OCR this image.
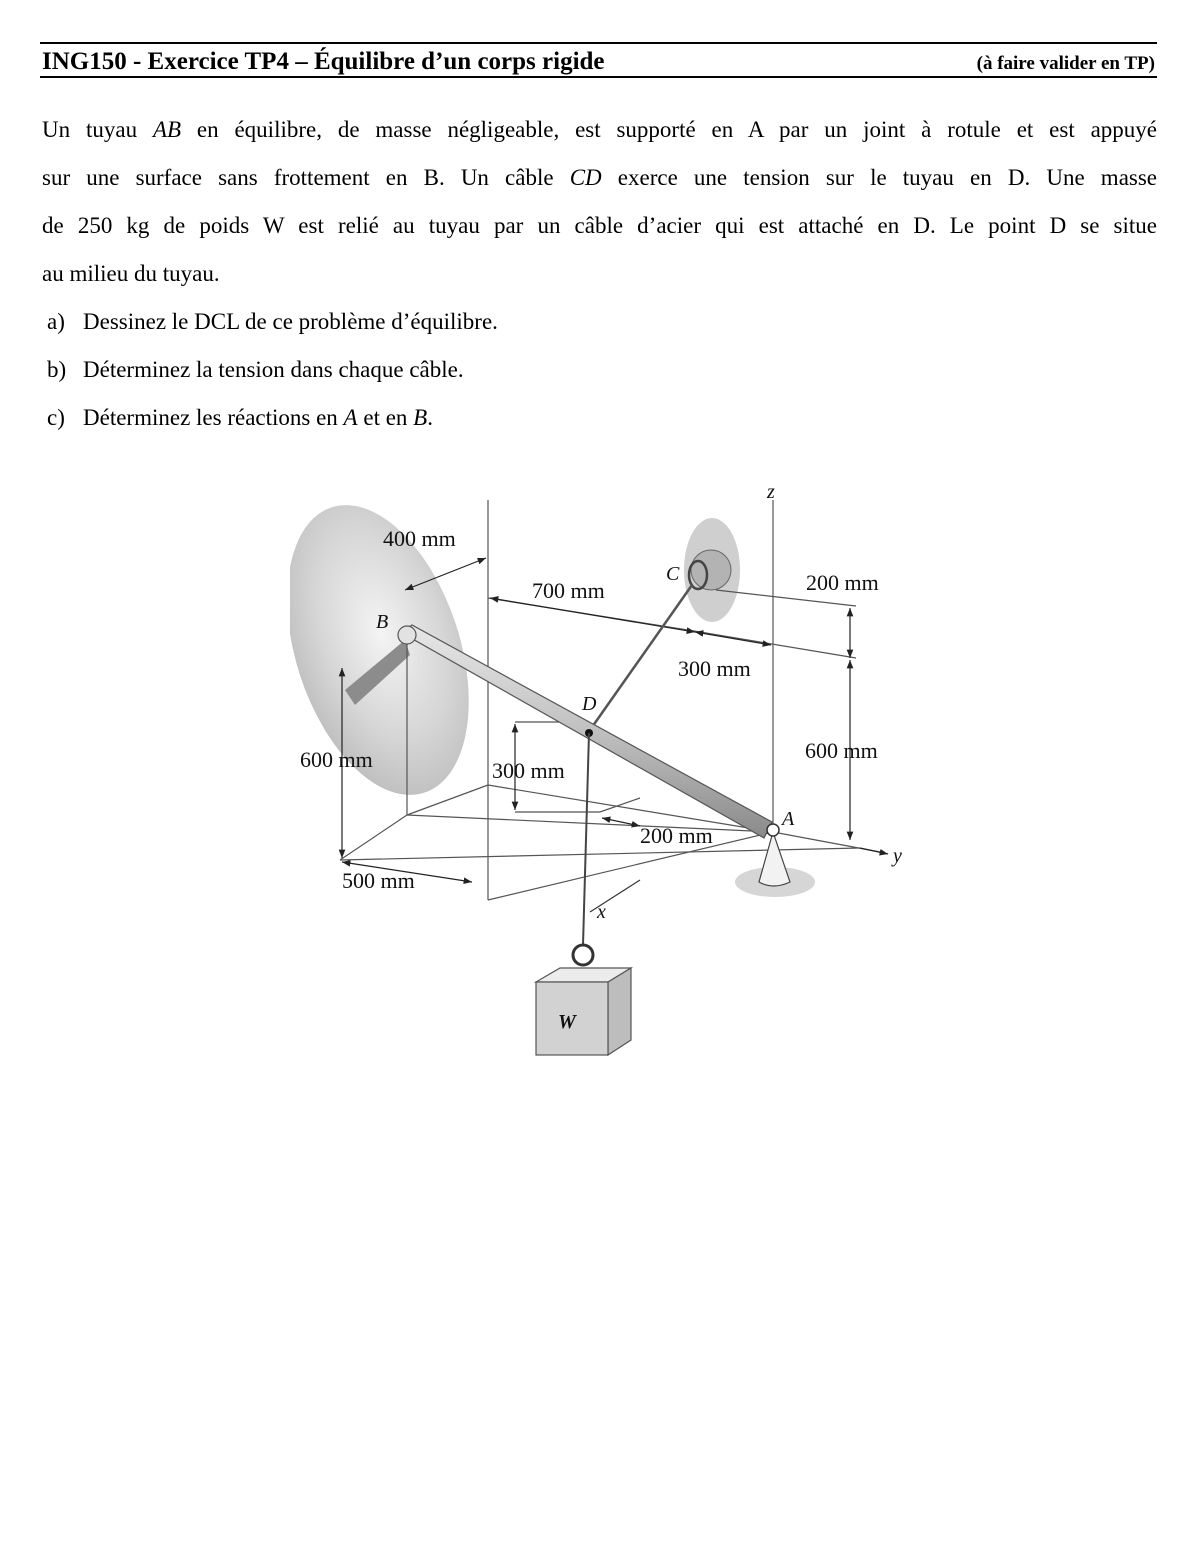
ING150 - Exercice TP4 – Équilibre d’un corps rigide	(à faire valider en TP)
Un tuyau AB en équilibre, de masse négligeable, est supporté en A par un joint à rotule et est appuyé
sur une surface sans frottement en B. Un câble CD exerce une tension sur le tuyau en D. Une masse
de 250 kg de poids W est relié au tuyau par un câble d’acier qui est attaché en D. Le point D se situe
au milieu du tuyau.
a) Dessinez le DCL de ce problème d’équilibre.
b) Déterminez la tension dans chaque câble.
c) Déterminez les réactions en A et en B.
B
C
D
A
z
y
x
W
400 mm
700 mm	200 mm
300 mm
600 mm	300 mm
600 mm
200 mm
500 mm
